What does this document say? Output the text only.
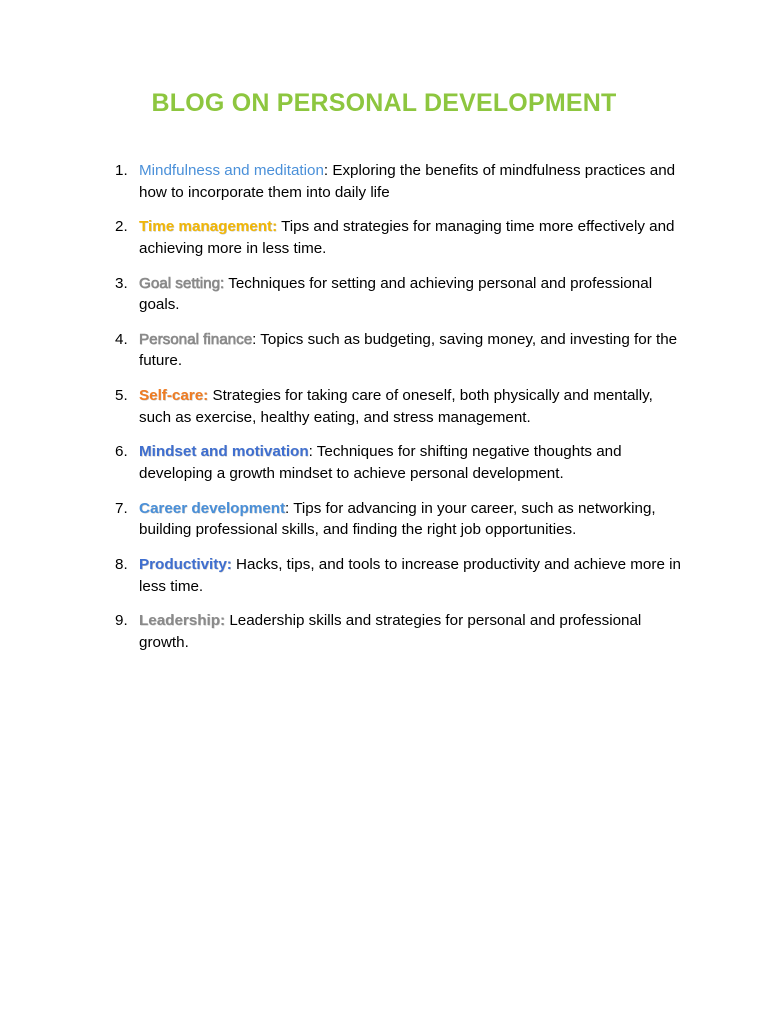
BLOG ON PERSONAL DEVELOPMENT
1. Mindfulness and meditation: Exploring the benefits of mindfulness practices and how to incorporate them into daily life
2. Time management: Tips and strategies for managing time more effectively and achieving more in less time.
3. Goal setting: Techniques for setting and achieving personal and professional goals.
4. Personal finance: Topics such as budgeting, saving money, and investing for the future.
5. Self-care: Strategies for taking care of oneself, both physically and mentally, such as exercise, healthy eating, and stress management.
6. Mindset and motivation: Techniques for shifting negative thoughts and developing a growth mindset to achieve personal development.
7. Career development: Tips for advancing in your career, such as networking, building professional skills, and finding the right job opportunities.
8. Productivity: Hacks, tips, and tools to increase productivity and achieve more in less time.
9. Leadership: Leadership skills and strategies for personal and professional growth.
